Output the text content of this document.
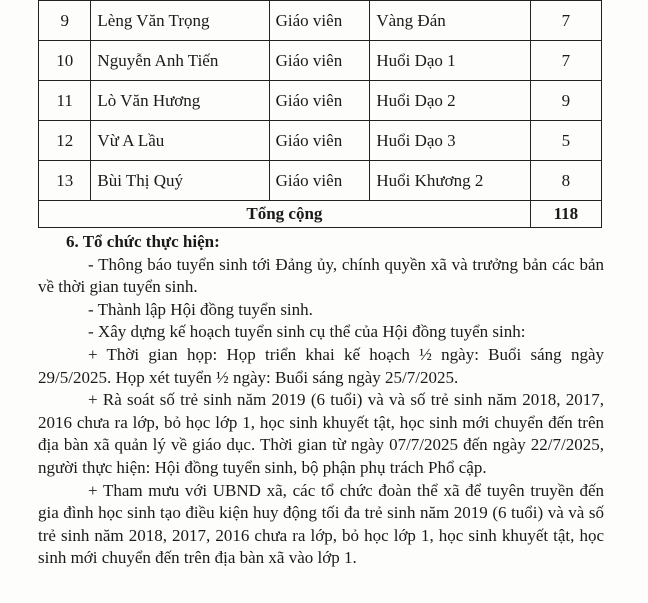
9	Lèng Văn Trọng	Giáo viên	Vàng Đán	7
10	Nguyễn Anh Tiến	Giáo viên	Huổi Dạo 1	7
11	Lò Văn Hương	Giáo viên	Huổi Dạo 2	9
12	Vừ A Lầu	Giáo viên	Huổi Dạo 3	5
13	Bùi Thị Quý	Giáo viên	Huổi Khương 2	8
Tổng cộng				118

6. Tổ chức thực hiện:

- Thông báo tuyển sinh tới Đảng ủy, chính quyền xã và trưởng bản các bản về thời gian tuyển sinh.

- Thành lập Hội đồng tuyển sinh.

- Xây dựng kế hoạch tuyển sinh cụ thể của Hội đồng tuyển sinh:

+ Thời gian họp: Họp triển khai kế hoạch ½ ngày: Buổi sáng ngày 29/5/2025. Họp xét tuyển ½ ngày: Buổi sáng ngày 25/7/2025.

+ Rà soát số trẻ sinh năm 2019 (6 tuổi) và và số trẻ sinh năm 2018, 2017, 2016 chưa ra lớp, bỏ học lớp 1, học sinh khuyết tật, học sinh mới chuyển đến trên địa bàn xã quản lý về giáo dục. Thời gian từ ngày 07/7/2025 đến ngày 22/7/2025, người thực hiện: Hội đồng tuyển sinh, bộ phận phụ trách Phổ cập.

+ Tham mưu với UBND xã, các tổ chức đoàn thể xã để tuyên truyền đến gia đình học sinh tạo điều kiện huy động tối đa trẻ sinh năm 2019 (6 tuổi) và và số trẻ sinh năm 2018, 2017, 2016 chưa ra lớp, bỏ học lớp 1, học sinh khuyết tật, học sinh mới chuyển đến trên địa bàn xã vào lớp 1.
